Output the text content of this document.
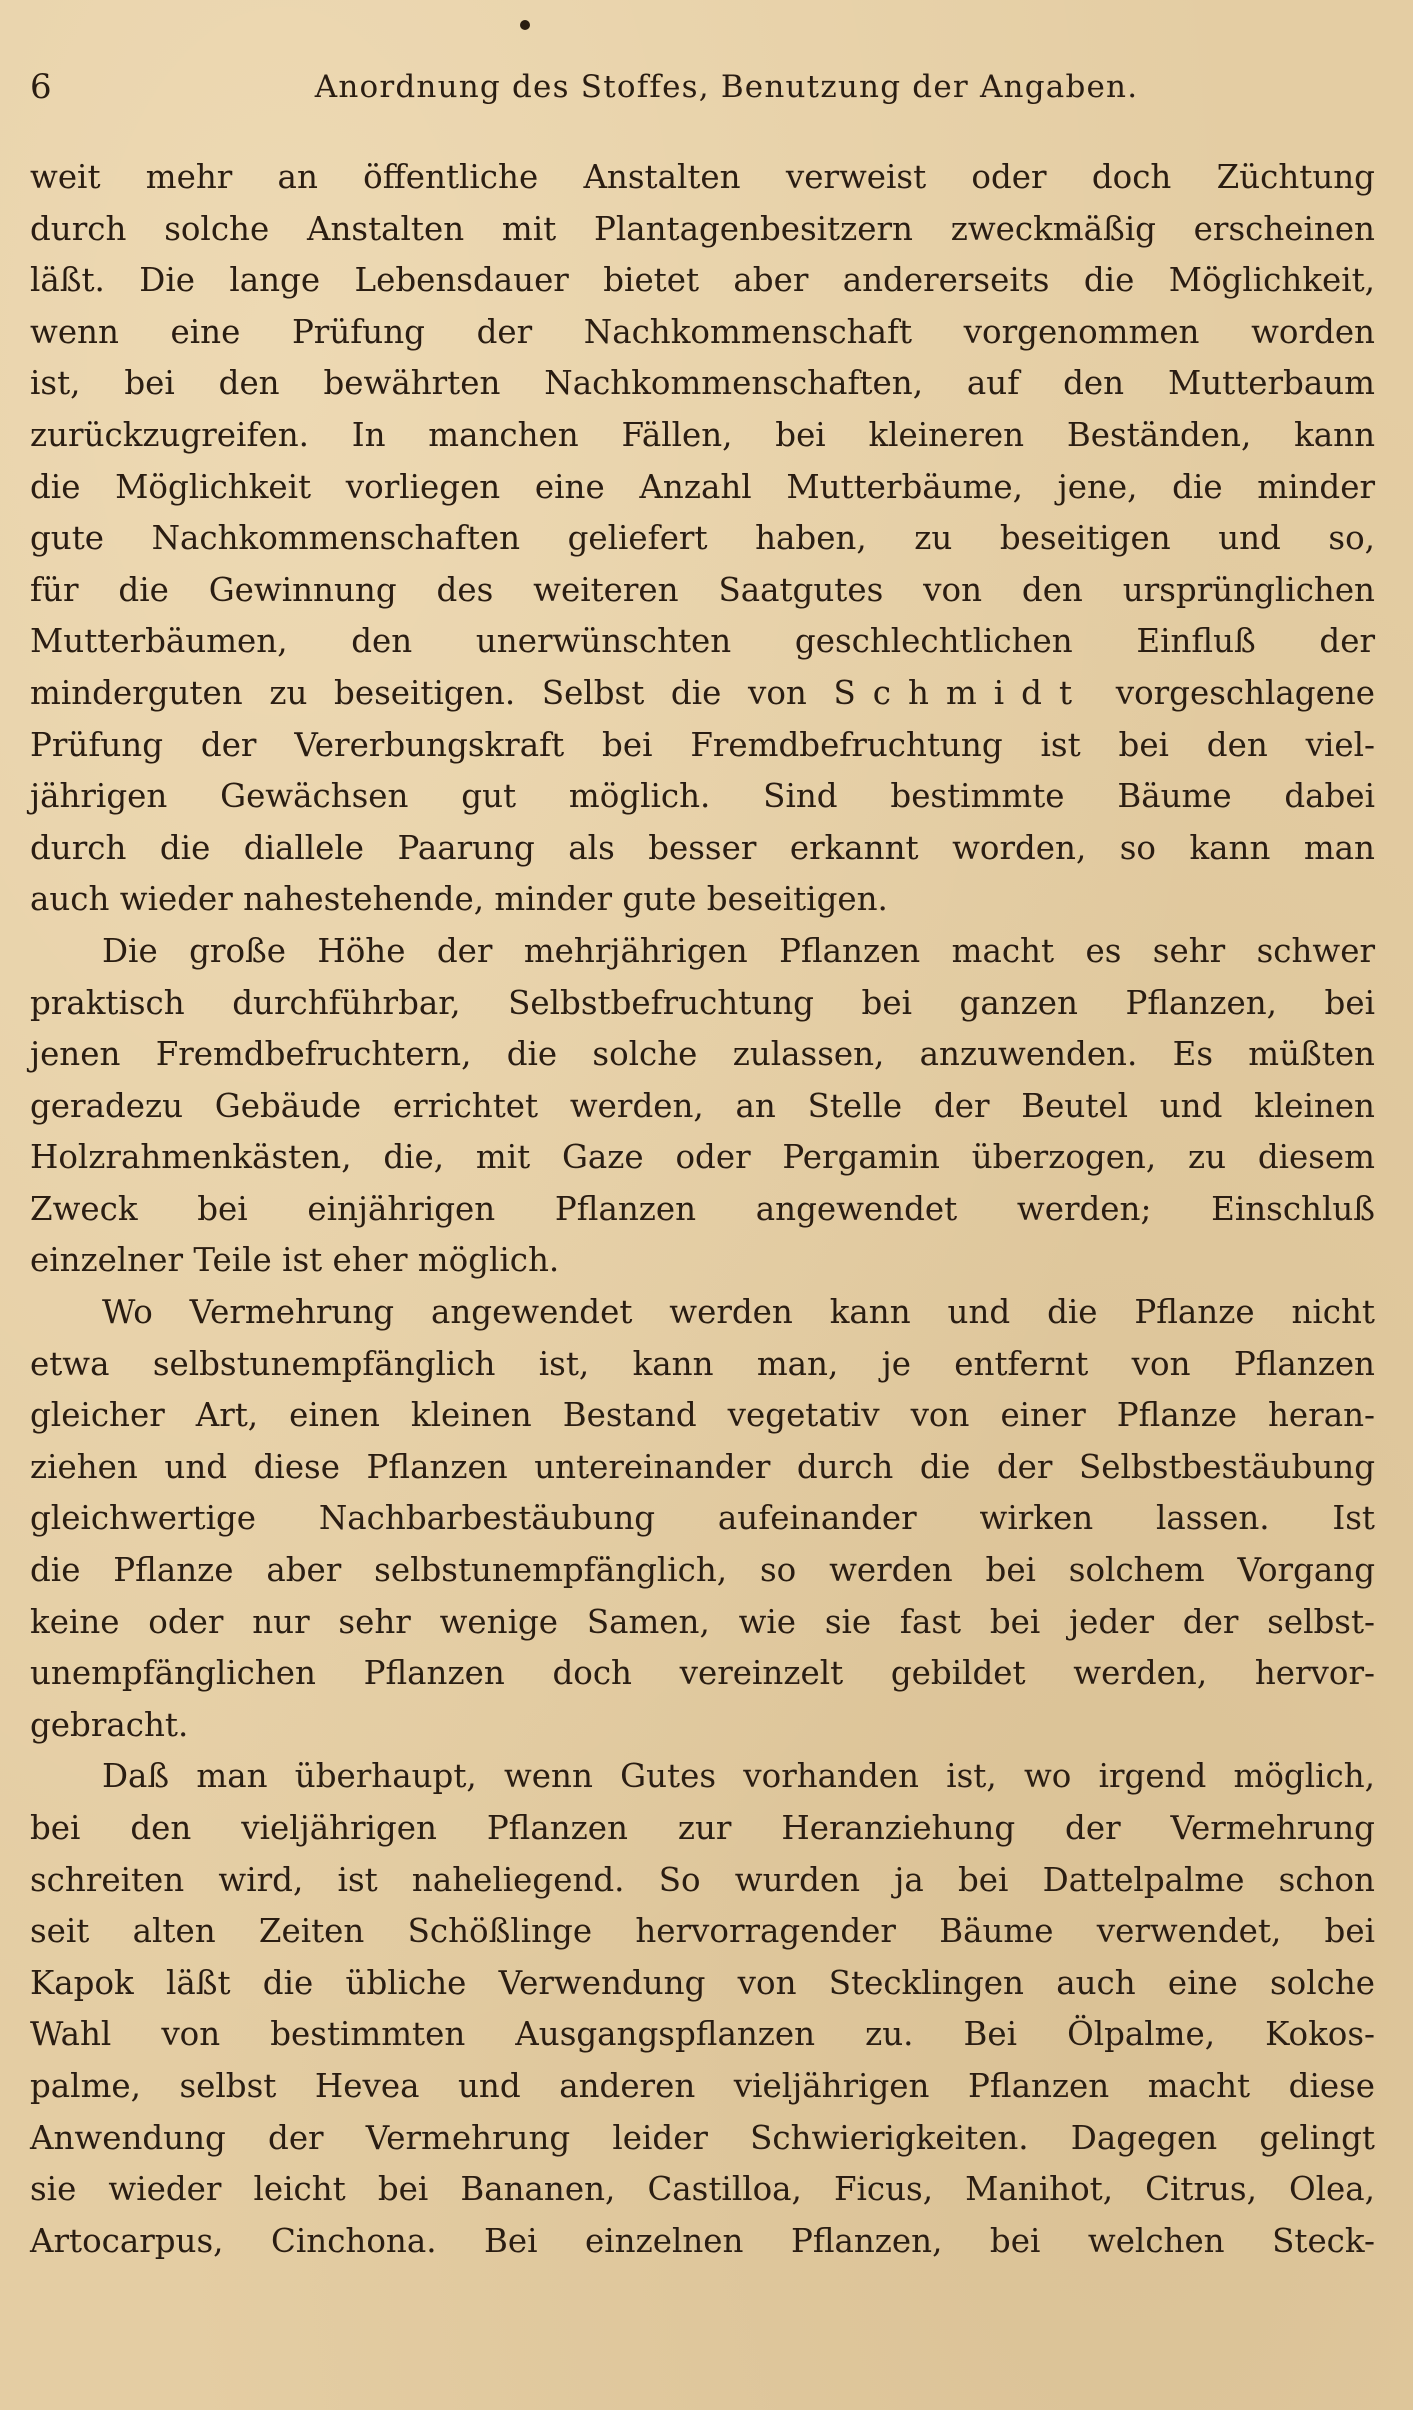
6	Anordnung des Stoffes, Benutzung der Angaben.
weit mehr an öffentliche Anstalten verweist oder doch Züchtung
durch solche Anstalten mit Plantagenbesitzern zweckmäßig erscheinen
läßt. Die lange Lebensdauer bietet aber andererseits die Möglichkeit,
wenn eine Prüfung der Nachkommenschaft vorgenommen worden
ist, bei den bewährten Nachkommenschaften, auf den Mutterbaum
zurückzugreifen. In manchen Fällen, bei kleineren Beständen, kann
die Möglichkeit vorliegen eine Anzahl Mutterbäume, jene, die minder
gute Nachkommenschaften geliefert haben, zu beseitigen und so,
für die Gewinnung des weiteren Saatgutes von den ursprünglichen
Mutterbäumen, den unerwünschten geschlechtlichen Einfluß der
minderguten zu beseitigen. Selbst die von Schmidt vorgeschlagene
Prüfung der Vererbungskraft bei Fremdbefruchtung ist bei den viel-
jährigen Gewächsen gut möglich. Sind bestimmte Bäume dabei
durch die diallele Paarung als besser erkannt worden, so kann man
auch wieder nahestehende, minder gute beseitigen.
Die große Höhe der mehrjährigen Pflanzen macht es sehr schwer
praktisch durchführbar, Selbstbefruchtung bei ganzen Pflanzen, bei
jenen Fremdbefruchtern, die solche zulassen, anzuwenden. Es müßten
geradezu Gebäude errichtet werden, an Stelle der Beutel und kleinen
Holzrahmenkästen, die, mit Gaze oder Pergamin überzogen, zu diesem
Zweck bei einjährigen Pflanzen angewendet werden; Einschluß
einzelner Teile ist eher möglich.
Wo Vermehrung angewendet werden kann und die Pflanze nicht
etwa selbstunempfänglich ist, kann man, je entfernt von Pflanzen
gleicher Art, einen kleinen Bestand vegetativ von einer Pflanze heran-
ziehen und diese Pflanzen untereinander durch die der Selbstbestäubung
gleichwertige Nachbarbestäubung aufeinander wirken lassen. Ist
die Pflanze aber selbstunempfänglich, so werden bei solchem Vorgang
keine oder nur sehr wenige Samen, wie sie fast bei jeder der selbst-
unempfänglichen Pflanzen doch vereinzelt gebildet werden, hervor-
gebracht.
Daß man überhaupt, wenn Gutes vorhanden ist, wo irgend möglich,
bei den vieljährigen Pflanzen zur Heranziehung der Vermehrung
schreiten wird, ist naheliegend. So wurden ja bei Dattelpalme schon
seit alten Zeiten Schößlinge hervorragender Bäume verwendet, bei
Kapok läßt die übliche Verwendung von Stecklingen auch eine solche
Wahl von bestimmten Ausgangspflanzen zu. Bei Ölpalme, Kokos-
palme, selbst Hevea und anderen vieljährigen Pflanzen macht diese
Anwendung der Vermehrung leider Schwierigkeiten. Dagegen gelingt
sie wieder leicht bei Bananen, Castilloa, Ficus, Manihot, Citrus, Olea,
Artocarpus, Cinchona. Bei einzelnen Pflanzen, bei welchen Steck-
